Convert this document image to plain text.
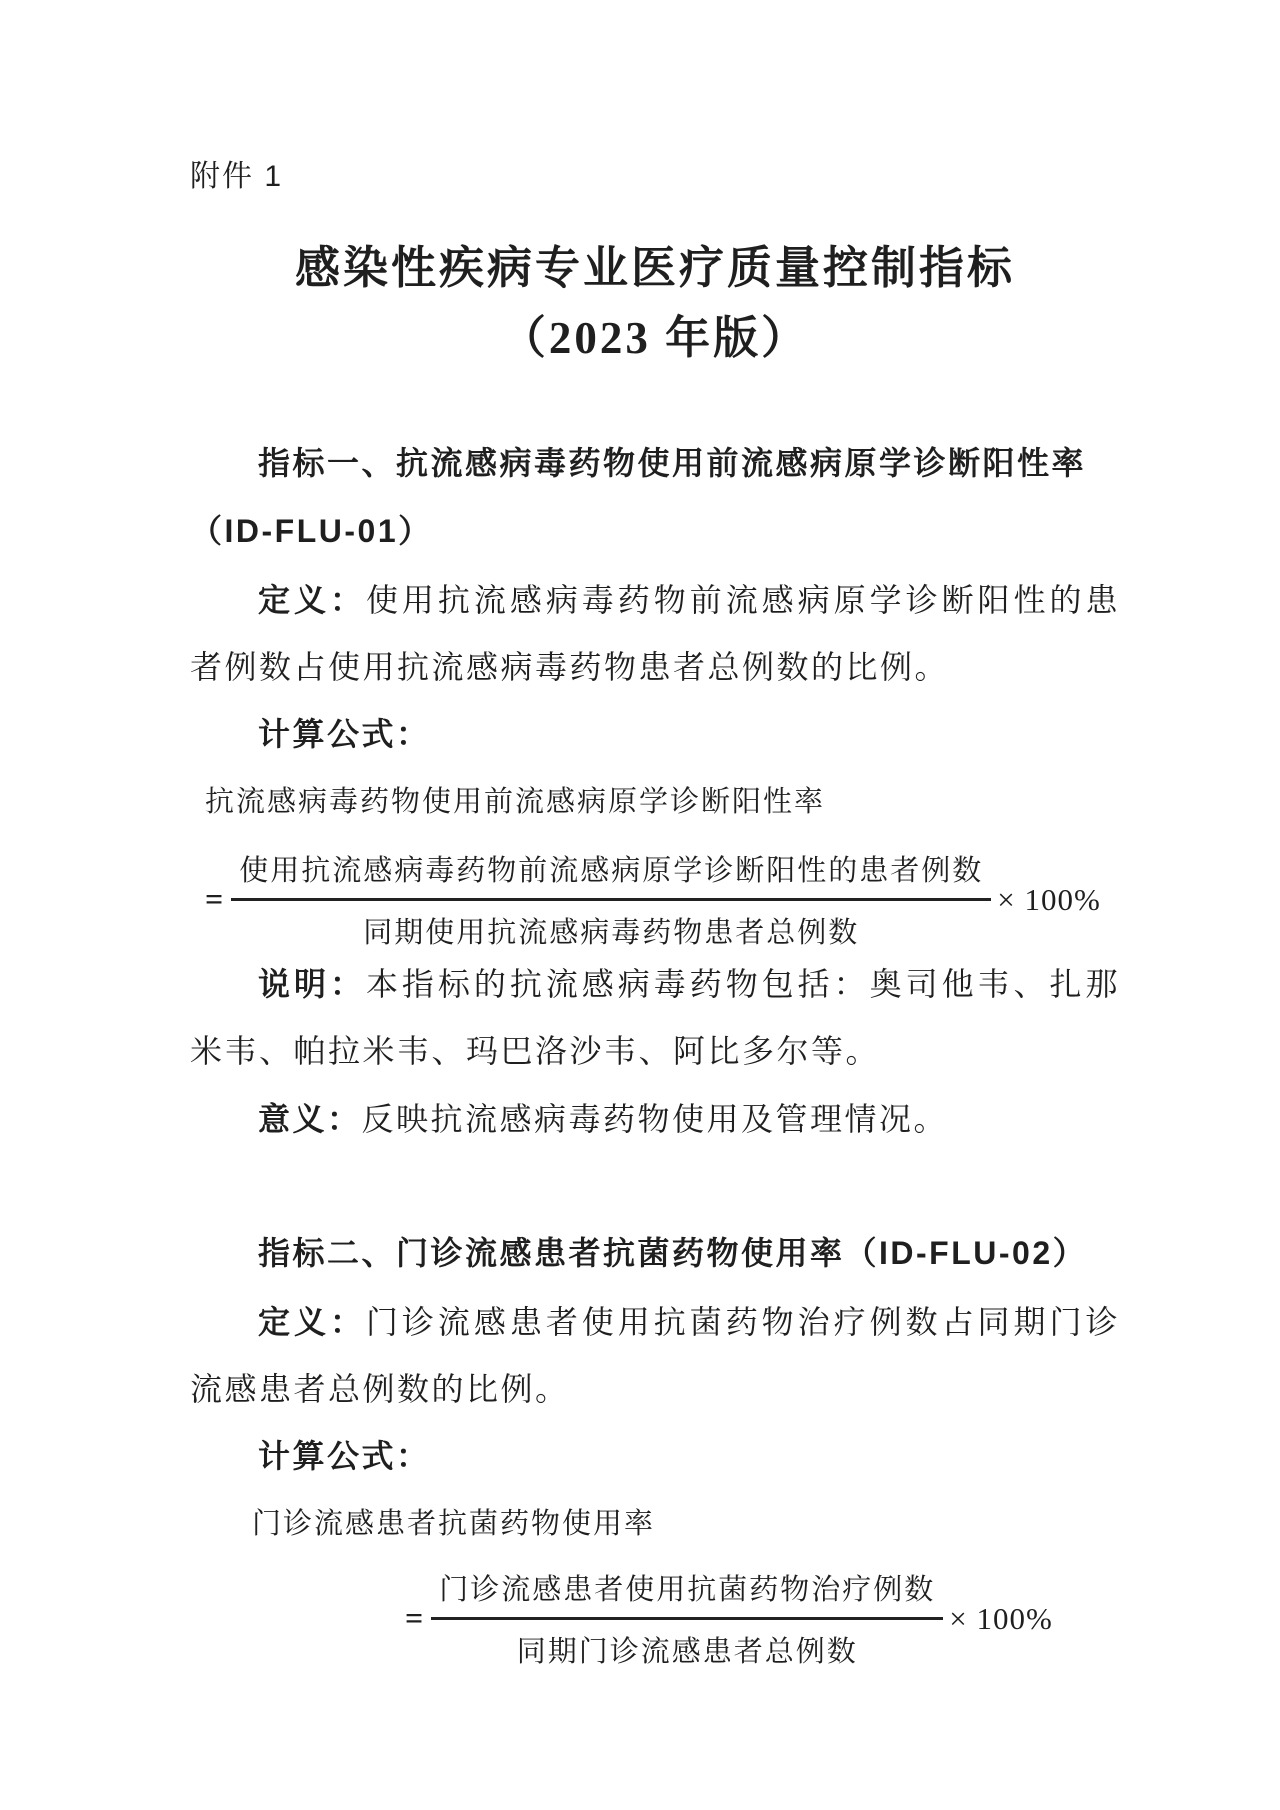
附件 1
感染性疾病专业医疗质量控制指标
（2023 年版）
指标一、抗流感病毒药物使用前流感病原学诊断阳性率
（ID-FLU-01）

定义：使用抗流感病毒药物前流感病原学诊断阳性的患者例数占使用抗流感病毒药物患者总例数的比例。

计算公式：

抗流感病毒药物使用前流感病原学诊断阳性率
= $\frac{\text{使用抗流感病毒药物前流感病原学诊断阳性的患者例数}}{\text{同期使用抗流感病毒药物患者总例数}} \times 100\%$

说明：本指标的抗流感病毒药物包括：奥司他韦、扎那米韦、帕拉米韦、玛巴洛沙韦、阿比多尔等。

意义：反映抗流感病毒药物使用及管理情况。

指标二、门诊流感患者抗菌药物使用率（ID-FLU-02）

定义：门诊流感患者使用抗菌药物治疗例数占同期门诊流感患者总例数的比例。

计算公式：

门诊流感患者抗菌药物使用率
= $\frac{\text{门诊流感患者使用抗菌药物治疗例数}}{\text{同期门诊流感患者总例数}} \times 100\%$
